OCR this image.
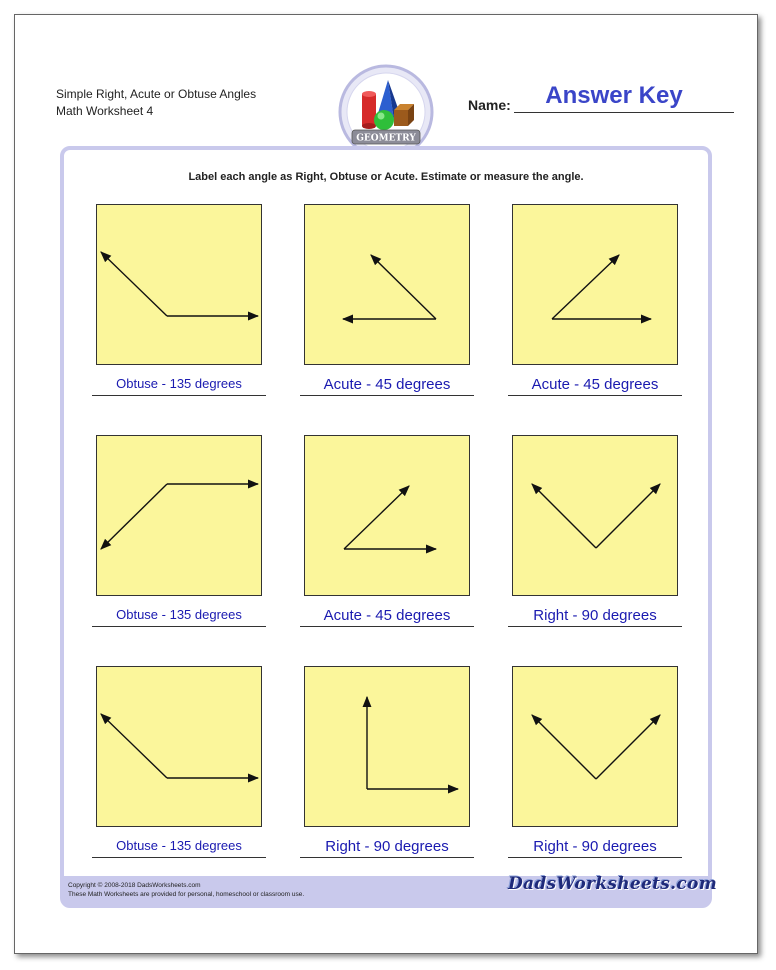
Simple Right, Acute or Obtuse Angles
Math Worksheet 4
GEOMETRY
Name:	Answer Key
Label each angle as Right, Obtuse or Acute. Estimate or measure the angle.
Obtuse - 135 degrees	Acute - 45 degrees	Acute - 45 degrees
Obtuse - 135 degrees	Acute - 45 degrees	Right - 90 degrees
Obtuse - 135 degrees	Right - 90 degrees	Right - 90 degrees
Copyright © 2008-2018 DadsWorksheets.com
These Math Worksheets are provided for personal, homeschool or classroom use.
DadsWorksheets.com
